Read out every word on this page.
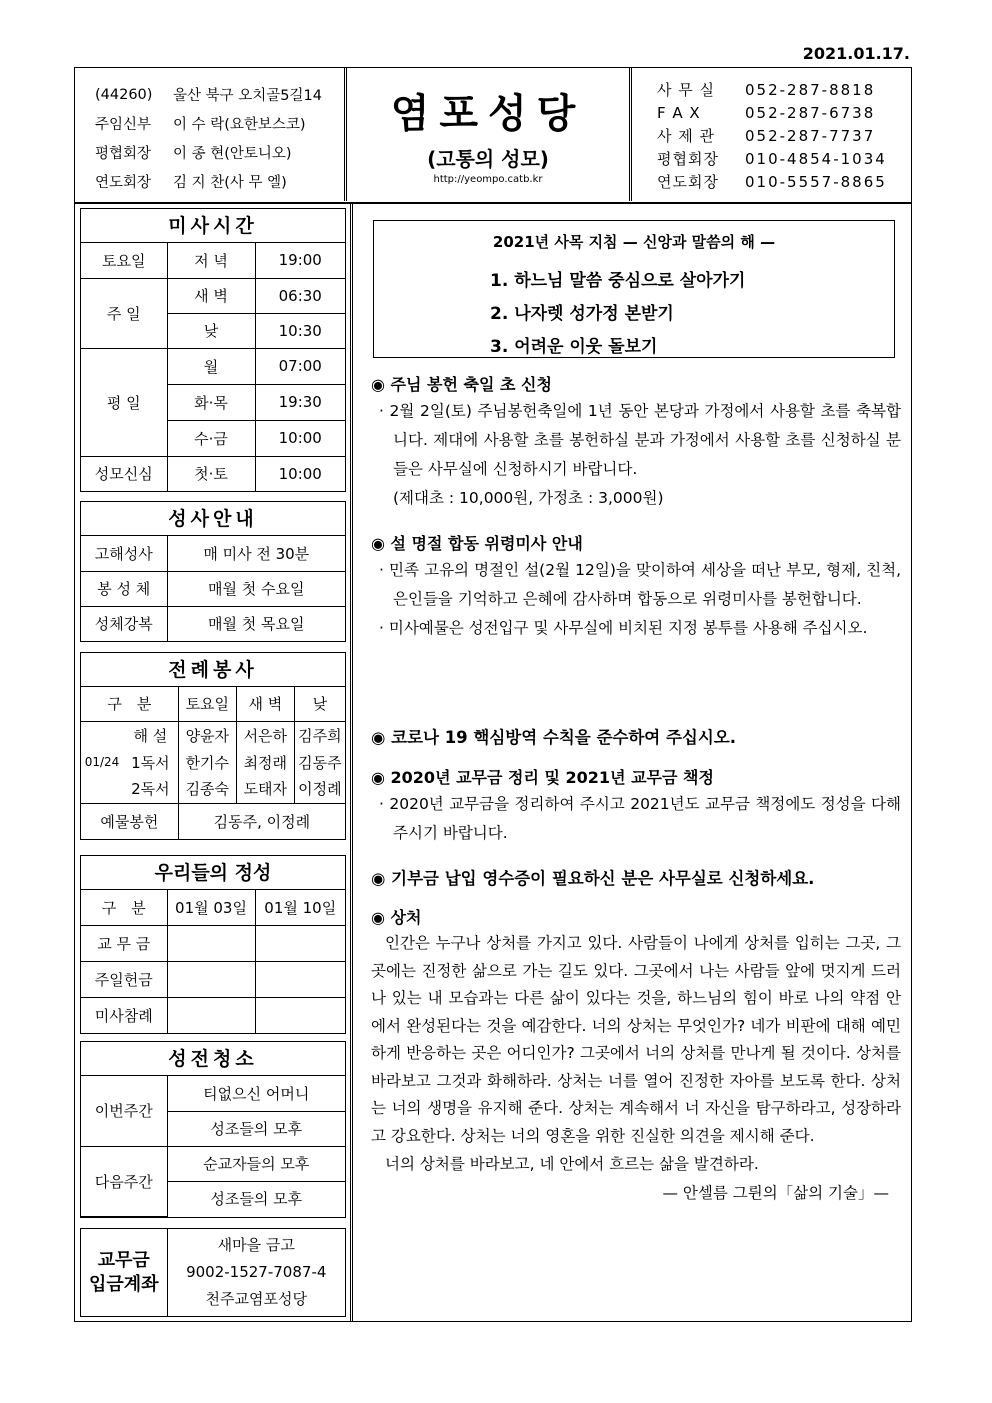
2021.01.17.
(44260)	울산 북구 오치골5길14
주임신부	이 수 락(요한보스코)
평협회장	이 종 현(안토니오)
연도회장	김 지 찬(사 무 엘)
염포성당
(고통의 성모)
http://yeompo.catb.kr
사 무 실	052-287-8818
F A X	052-287-6738
사 제 관	052-287-7737
평협회장	010-4854-1034
연도회장	010-5557-8865
미사시간
토요일	저 녁	19:00
주 일	새 벽	06:30
	낮	10:30
평 일	월	07:00
	화·목	19:30
	수·금	10:00
성모신심	첫·토	10:00
성사안내
고해성사	매 미사 전 30분
봉 성 체	매월 첫 수요일
성체강복	매월 첫 목요일
전례봉사
구　분		토요일	새 벽	낮
01/24	해 설	양윤자	서은하	김주희
	1독서	한기수	최정래	김동주
	2독서	김종숙	도태자	이정례
예물봉헌		김동주, 이정례		
우리들의 정성
구　분	01월 03일	01월 10일
교 무 금		
주일헌금		
미사참례		
성전청소
이번주간	티없으신 어머니
	성조들의 모후
다음주간	순교자들의 모후
	성조들의 모후
교무금
입금계좌

새마을 금고
9002-1527-7087-4
천주교염포성당
2021년 사목 지침 — 신앙과 말씀의 해 —
1. 하느님 말씀 중심으로 살아가기
2. 나자렛 성가정 본받기
3. 어려운 이웃 돌보기
◉ 주님 봉헌 축일 초 신청
· 2월 2일(토) 주님봉헌축일에 1년 동안 본당과 가정에서 사용할 초를 축복합니다. 제대에 사용할 초를 봉헌하실 분과 가정에서 사용할 초를 신청하실 분들은 사무실에 신청하시기 바랍니다.
(제대초 : 10,000원, 가정초 : 3,000원)
◉ 설 명절 합동 위령미사 안내
· 민족 고유의 명절인 설(2월 12일)을 맞이하여 세상을 떠난 부모, 형제, 친척, 은인들을 기억하고 은혜에 감사하며 합동으로 위령미사를 봉헌합니다.
· 미사예물은 성전입구 및 사무실에 비치된 지정 봉투를 사용해 주십시오.
◉ 코로나 19 핵심방역 수칙을 준수하여 주십시오.
◉ 2020년 교무금 정리 및 2021년 교무금 책정
· 2020년 교무금을 정리하여 주시고 2021년도 교무금 책정에도 정성을 다해 주시기 바랍니다.
◉ 기부금 납입 영수증이 필요하신 분은 사무실로 신청하세요.
◉ 상처
인간은 누구나 상처를 가지고 있다. 사람들이 나에게 상처를 입히는 그곳, 그곳에는 진정한 삶으로 가는 길도 있다. 그곳에서 나는 사람들 앞에 멋지게 드러나 있는 내 모습과는 다른 삶이 있다는 것을, 하느님의 힘이 바로 나의 약점 안에서 완성된다는 것을 예감한다. 너의 상처는 무엇인가? 네가 비판에 대해 예민하게 반응하는 곳은 어디인가? 그곳에서 너의 상처를 만나게 될 것이다. 상처를 바라보고 그것과 화해하라. 상처는 너를 열어 진정한 자아를 보도록 한다. 상처는 너의 생명을 유지해 준다. 상처는 계속해서 너 자신을 탐구하라고, 성장하라고 강요한다. 상처는 너의 영혼을 위한 진실한 의견을 제시해 준다.
너의 상처를 바라보고, 네 안에서 흐르는 삶을 발견하라.
— 안셀름 그륀의「삶의 기술」—
